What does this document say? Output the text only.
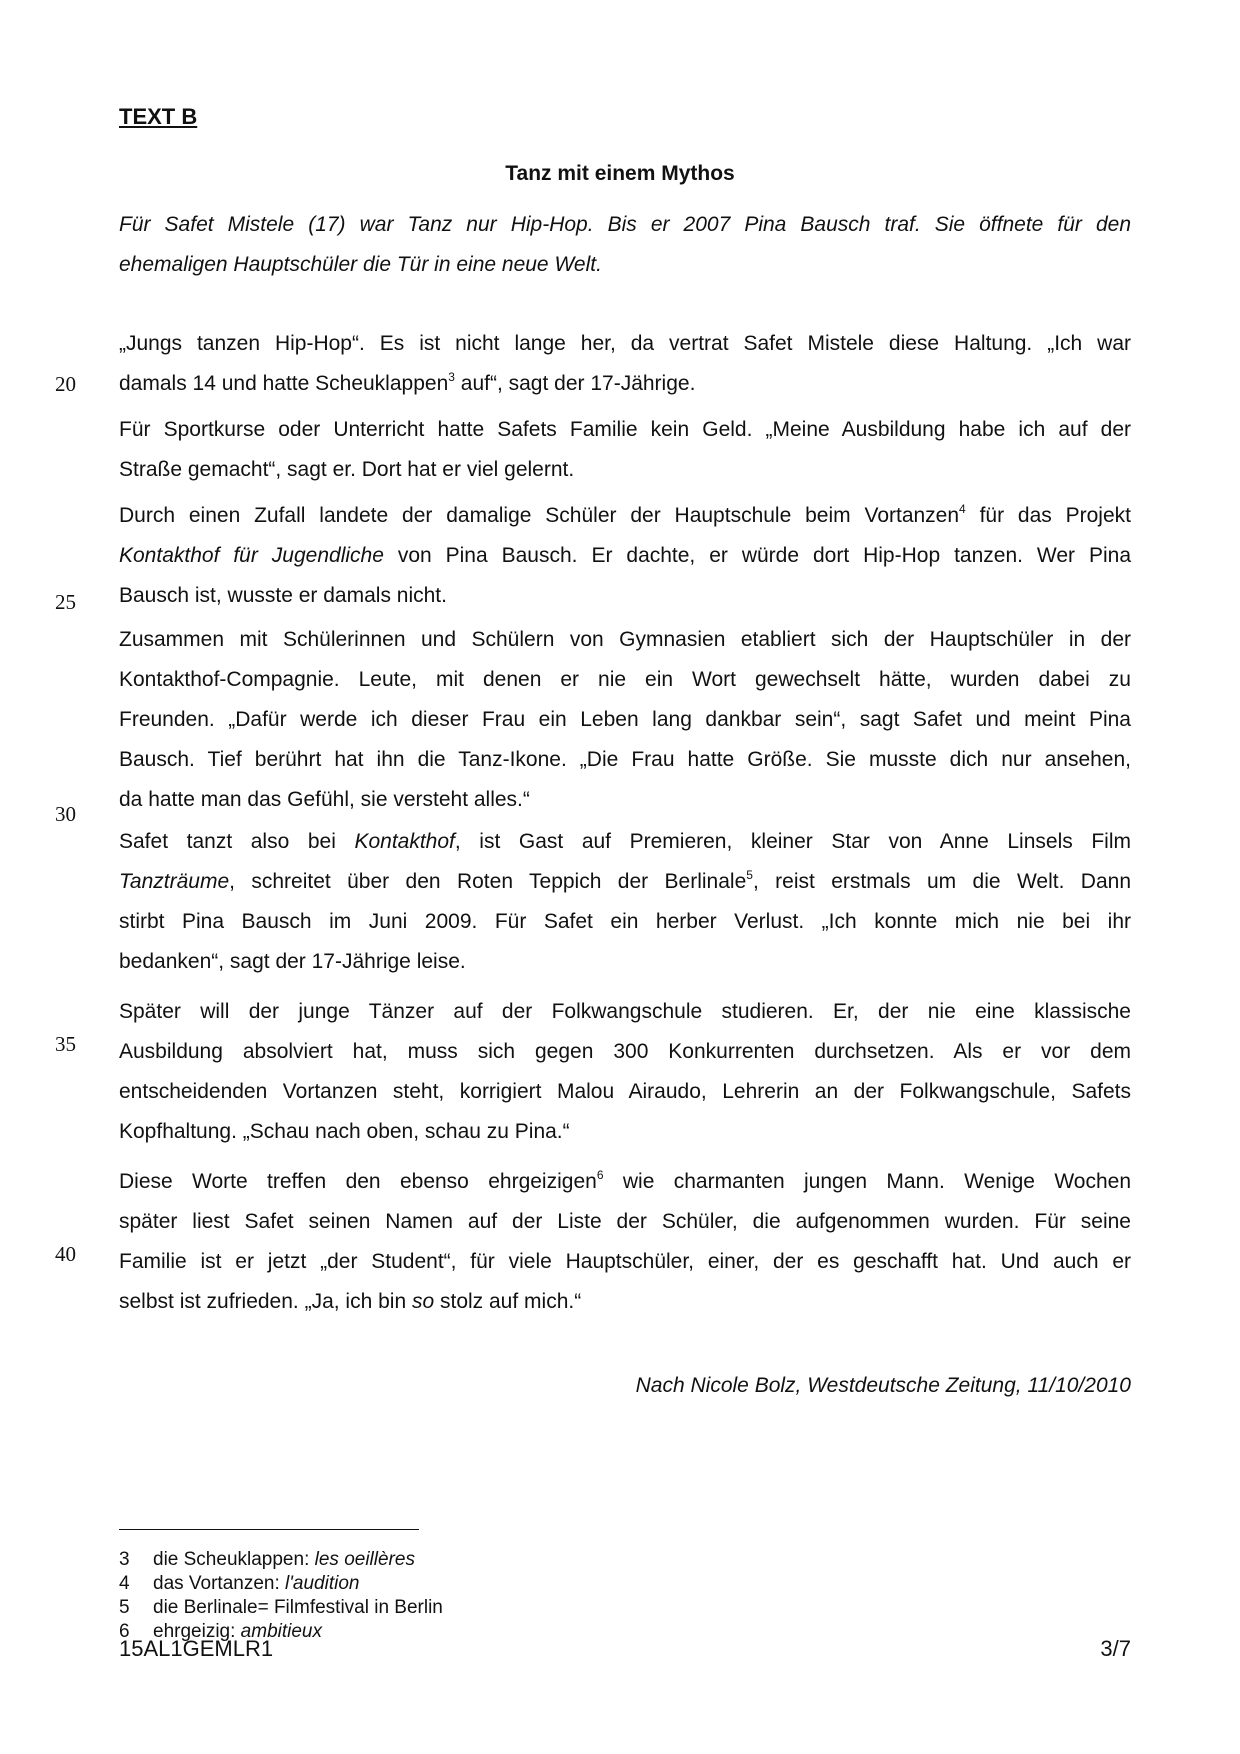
TEXT B
Tanz mit einem Mythos
Für Safet Mistele (17) war Tanz nur Hip-Hop. Bis er 2007 Pina Bausch traf. Sie öffnete für den
ehemaligen Hauptschüler die Tür in eine neue Welt.
„Jungs tanzen Hip-Hop“. Es ist nicht lange her, da vertrat Safet Mistele diese Haltung. „Ich war
damals 14 und hatte Scheuklappen$^3$ auf“, sagt der 17-Jährige.
Für Sportkurse oder Unterricht hatte Safets Familie kein Geld. „Meine Ausbildung habe ich auf der
Straße gemacht“, sagt er. Dort hat er viel gelernt.
Durch einen Zufall landete der damalige Schüler der Hauptschule beim Vortanzen$^4$ für das Projekt
Kontakthof für Jugendliche von Pina Bausch. Er dachte, er würde dort Hip-Hop tanzen. Wer Pina
Bausch ist, wusste er damals nicht.
Zusammen mit Schülerinnen und Schülern von Gymnasien etabliert sich der Hauptschüler in der
Kontakthof-Compagnie. Leute, mit denen er nie ein Wort gewechselt hätte, wurden dabei zu
Freunden. „Dafür werde ich dieser Frau ein Leben lang dankbar sein“, sagt Safet und meint Pina
Bausch. Tief berührt hat ihn die Tanz-Ikone. „Die Frau hatte Größe. Sie musste dich nur ansehen,
da hatte man das Gefühl, sie versteht alles.“
Safet tanzt also bei Kontakthof, ist Gast auf Premieren, kleiner Star von Anne Linsels Film
Tanzträume, schreitet über den Roten Teppich der Berlinale$^5$, reist erstmals um die Welt. Dann
stirbt Pina Bausch im Juni 2009. Für Safet ein herber Verlust. „Ich konnte mich nie bei ihr
bedanken“, sagt der 17-Jährige leise.
Später will der junge Tänzer auf der Folkwangschule studieren. Er, der nie eine klassische
Ausbildung absolviert hat, muss sich gegen 300 Konkurrenten durchsetzen. Als er vor dem
entscheidenden Vortanzen steht, korrigiert Malou Airaudo, Lehrerin an der Folkwangschule, Safets
Kopfhaltung. „Schau nach oben, schau zu Pina.“
Diese Worte treffen den ebenso ehrgeizigen$^6$ wie charmanten jungen Mann. Wenige Wochen
später liest Safet seinen Namen auf der Liste der Schüler, die aufgenommen wurden. Für seine
Familie ist er jetzt „der Student“, für viele Hauptschüler, einer, der es geschafft hat. Und auch er
selbst ist zufrieden. „Ja, ich bin so stolz auf mich.“
Nach Nicole Bolz, Westdeutsche Zeitung, 11/10/2010
20
25
30
35
40
3 die Scheuklappen: les oeillères
4 das Vortanzen: l'audition
5 die Berlinale= Filmfestival in Berlin
6 ehrgeizig: ambitieux
15AL1GEMLR1	3/7
